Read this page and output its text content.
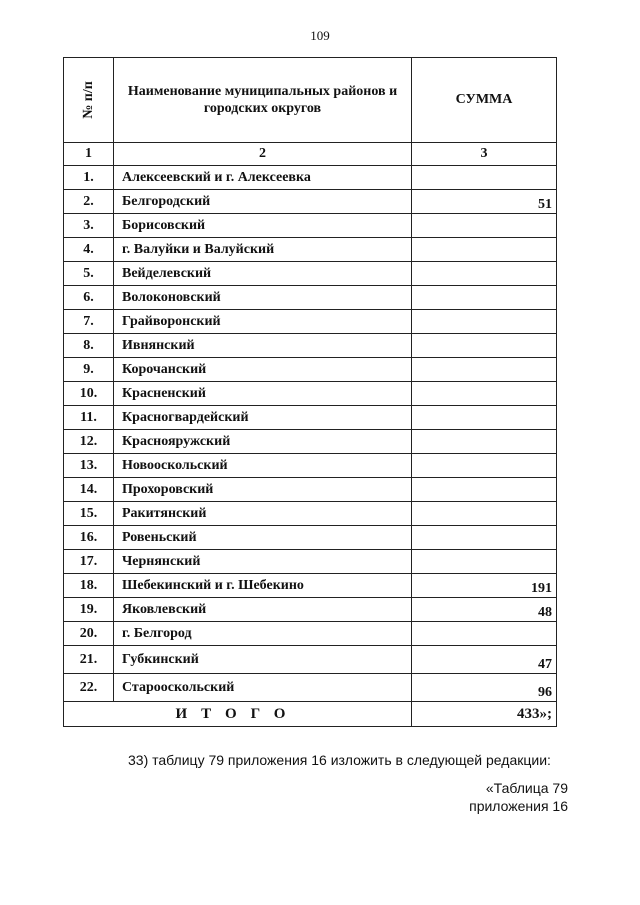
109
№ п/п	Наименование муниципальных районов и городских округов	СУММА
1	2	3
1.	Алексеевский и г. Алексеевка	
2.	Белгородский	51
3.	Борисовский	
4.	г. Валуйки и Валуйский	
5.	Вейделевский	
6.	Волоконовский	
7.	Грайворонский	
8.	Ивнянский	
9.	Корочанский	
10.	Красненский	
11.	Красногвардейский	
12.	Краснояружский	
13.	Новооскольский	
14.	Прохоровский	
15.	Ракитянский	
16.	Ровеньский	
17.	Чернянский	
18.	Шебекинский и г. Шебекино	191
19.	Яковлевский	48
20.	г. Белгород	
21.	Губкинский	47
22.	Старооскольский	96
ИТОГО		433»;
33) таблицу 79 приложения 16 изложить в следующей редакции:
«Таблица 79
приложения 16
